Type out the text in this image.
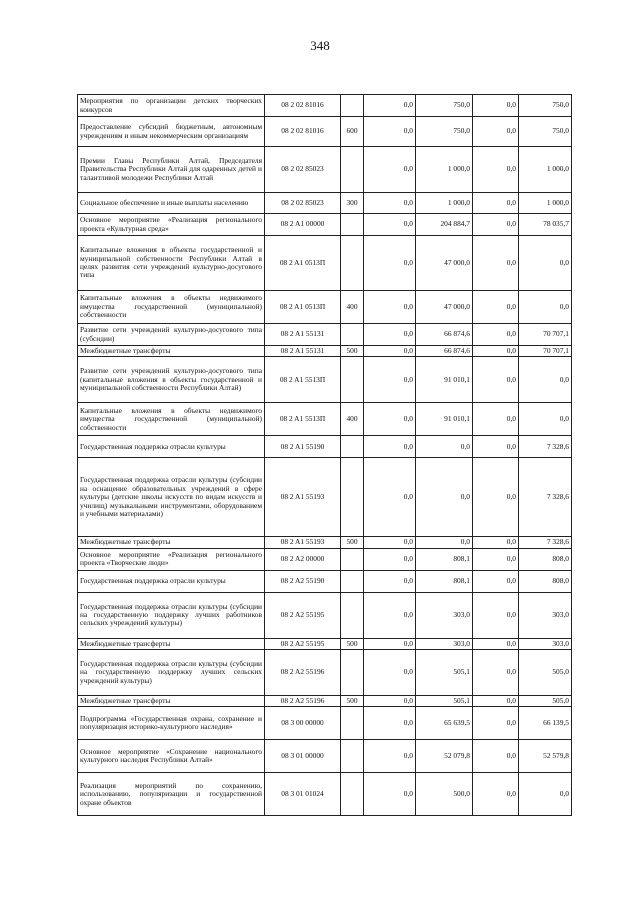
348
Мероприятия по организации детских творческих конкурсов	08 2 02 81016		0,0	750,0	0,0	750,0
Предоставление субсидий бюджетным, автономным учреждениям и иным некоммерческим организациям	08 2 02 81016	600	0,0	750,0	0,0	750,0
Премии Главы Республики Алтай, Председателя Правительства Республики Алтай для одаренных детей и талантливой молодежи Республики Алтай	08 2 02 85023		0,0	1 000,0	0,0	1 000,0
Социальное обеспечение и иные выплаты населению	08 2 02 85023	300	0,0	1 000,0	0,0	1 000,0
Основное мероприятие «Реализация регионального проекта «Культурная среда»	08 2 A1 00000		0,0	204 884,7	0,0	78 035,7
Капитальные вложения в объекты государственной и муниципальной собственности Республики Алтай в целях развития сети учреждений культурно-досугового типа	08 2 A1 0513П		0,0	47 000,0	0,0	0,0
Капитальные вложения в объекты недвижимого имущества государственной (муниципальной) собственности	08 2 A1 0513П	400	0,0	47 000,0	0,0	0,0
Развитие сети учреждений культурно-досугового типа (субсидии)	08 2 A1 55131		0,0	66 874,6	0,0	70 707,1
Межбюджетные трансферты	08 2 A1 55131	500	0,0	66 874,6	0,0	70 707,1
Развитие сети учреждений культурно-досугового типа (капитальные вложения в объекты государственной и муниципальной собственности Республики Алтай)	08 2 A1 5513П		0,0	91 010,1	0,0	0,0
Капитальные вложения в объекты недвижимого имущества государственной (муниципальной) собственности	08 2 A1 5513П	400	0,0	91 010,1	0,0	0,0
Государственная поддержка отрасли культуры	08 2 A1 55190		0,0	0,0	0,0	7 328,6
Государственная поддержка отрасли культуры (субсидии на оснащение образовательных учреждений в сфере культуры (детские школы искусств по видам искусств и училищ) музыкальными инструментами, оборудованием и учебными материалами)	08 2 A1 55193		0,0	0,0	0,0	7 328,6
Межбюджетные трансферты	08 2 A1 55193	500	0,0	0,0	0,0	7 328,6
Основное мероприятие «Реализация регионального проекта «Творческие люди»	08 2 A2 00000		0,0	808,1	0,0	808,0
Государственная поддержка отрасли культуры	08 2 A2 55190		0,0	808,1	0,0	808,0
Государственная поддержка отрасли культуры (субсидии на государственную поддержку лучших работников сельских учреждений культуры)	08 2 A2 55195		0,0	303,0	0,0	303,0
Межбюджетные трансферты	08 2 A2 55195	500	0,0	303,0	0,0	303,0
Государственная поддержка отрасли культуры (субсидии на государственную поддержку лучших сельских учреждений культуры)	08 2 A2 55196		0,0	505,1	0,0	505,0
Межбюджетные трансферты	08 2 A2 55196	500	0,0	505,1	0,0	505,0
Подпрограмма «Государственная охрана, сохранение и популяризация историко-культурного наследия»	08 3 00 00000		0,0	65 639,5	0,0	66 139,5
Основное мероприятие «Сохранение национального культурного наследия Республики Алтай»	08 3 01 00000		0,0	52 079,8	0,0	52 579,8
Реализация мероприятий по сохранению, использованию, популяризации и государственной охране объектов	08 3 01 01024		0,0	500,0	0,0	0,0
